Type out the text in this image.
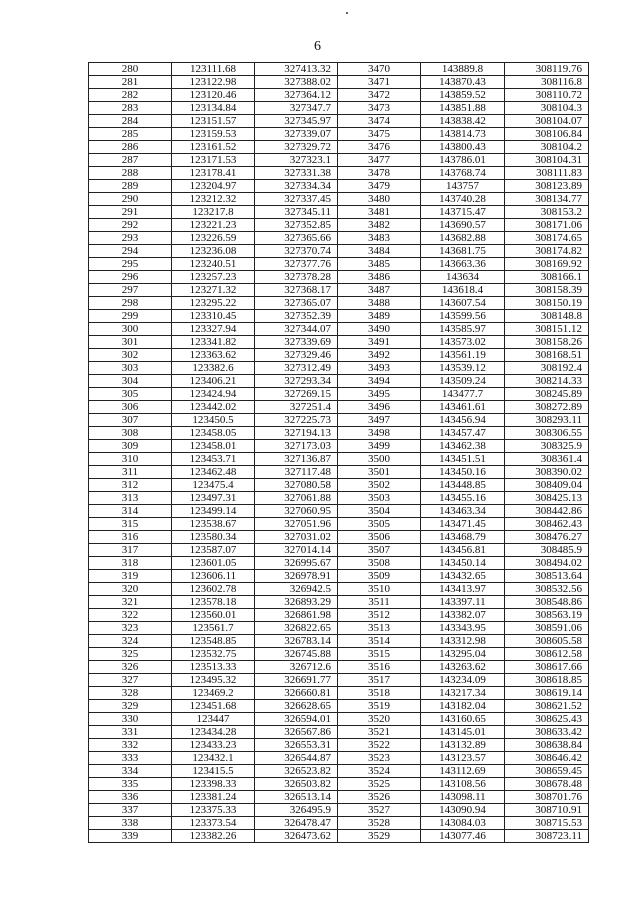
6
280	123111.68	327413.32	3470	143889.8	308119.76
281	123122.98	327388.02	3471	143870.43	308116.8
282	123120.46	327364.12	3472	143859.52	308110.72
283	123134.84	327347.7	3473	143851.88	308104.3
284	123151.57	327345.97	3474	143838.42	308104.07
285	123159.53	327339.07	3475	143814.73	308106.84
286	123161.52	327329.72	3476	143800.43	308104.2
287	123171.53	327323.1	3477	143786.01	308104.31
288	123178.41	327331.38	3478	143768.74	308111.83
289	123204.97	327334.34	3479	143757	308123.89
290	123212.32	327337.45	3480	143740.28	308134.77
291	123217.8	327345.11	3481	143715.47	308153.2
292	123221.23	327352.85	3482	143690.57	308171.06
293	123226.59	327365.66	3483	143682.88	308174.65
294	123236.08	327370.74	3484	143681.75	308174.82
295	123240.51	327377.76	3485	143663.36	308169.92
296	123257.23	327378.28	3486	143634	308166.1
297	123271.32	327368.17	3487	143618.4	308158.39
298	123295.22	327365.07	3488	143607.54	308150.19
299	123310.45	327352.39	3489	143599.56	308148.8
300	123327.94	327344.07	3490	143585.97	308151.12
301	123341.82	327339.69	3491	143573.02	308158.26
302	123363.62	327329.46	3492	143561.19	308168.51
303	123382.6	327312.49	3493	143539.12	308192.4
304	123406.21	327293.34	3494	143509.24	308214.33
305	123424.94	327269.15	3495	143477.7	308245.89
306	123442.02	327251.4	3496	143461.61	308272.89
307	123450.5	327225.73	3497	143456.94	308293.11
308	123458.05	327194.13	3498	143457.47	308306.55
309	123458.01	327173.03	3499	143462.38	308325.9
310	123453.71	327136.87	3500	143451.51	308361.4
311	123462.48	327117.48	3501	143450.16	308390.02
312	123475.4	327080.58	3502	143448.85	308409.04
313	123497.31	327061.88	3503	143455.16	308425.13
314	123499.14	327060.95	3504	143463.34	308442.86
315	123538.67	327051.96	3505	143471.45	308462.43
316	123580.34	327031.02	3506	143468.79	308476.27
317	123587.07	327014.14	3507	143456.81	308485.9
318	123601.05	326995.67	3508	143450.14	308494.02
319	123606.11	326978.91	3509	143432.65	308513.64
320	123602.78	326942.5	3510	143413.97	308532.56
321	123578.18	326893.29	3511	143397.11	308548.86
322	123560.01	326861.98	3512	143382.07	308563.19
323	123561.7	326822.65	3513	143343.95	308591.06
324	123548.85	326783.14	3514	143312.98	308605.58
325	123532.75	326745.88	3515	143295.04	308612.58
326	123513.33	326712.6	3516	143263.62	308617.66
327	123495.32	326691.77	3517	143234.09	308618.85
328	123469.2	326660.81	3518	143217.34	308619.14
329	123451.68	326628.65	3519	143182.04	308621.52
330	123447	326594.01	3520	143160.65	308625.43
331	123434.28	326567.86	3521	143145.01	308633.42
332	123433.23	326553.31	3522	143132.89	308638.84
333	123432.1	326544.87	3523	143123.57	308646.42
334	123415.5	326523.82	3524	143112.69	308659.45
335	123398.33	326503.82	3525	143108.56	308678.48
336	123381.24	326513.14	3526	143098.11	308701.76
337	123375.33	326495.9	3527	143090.94	308710.91
338	123373.54	326478.47	3528	143084.03	308715.53
339	123382.26	326473.62	3529	143077.46	308723.11
